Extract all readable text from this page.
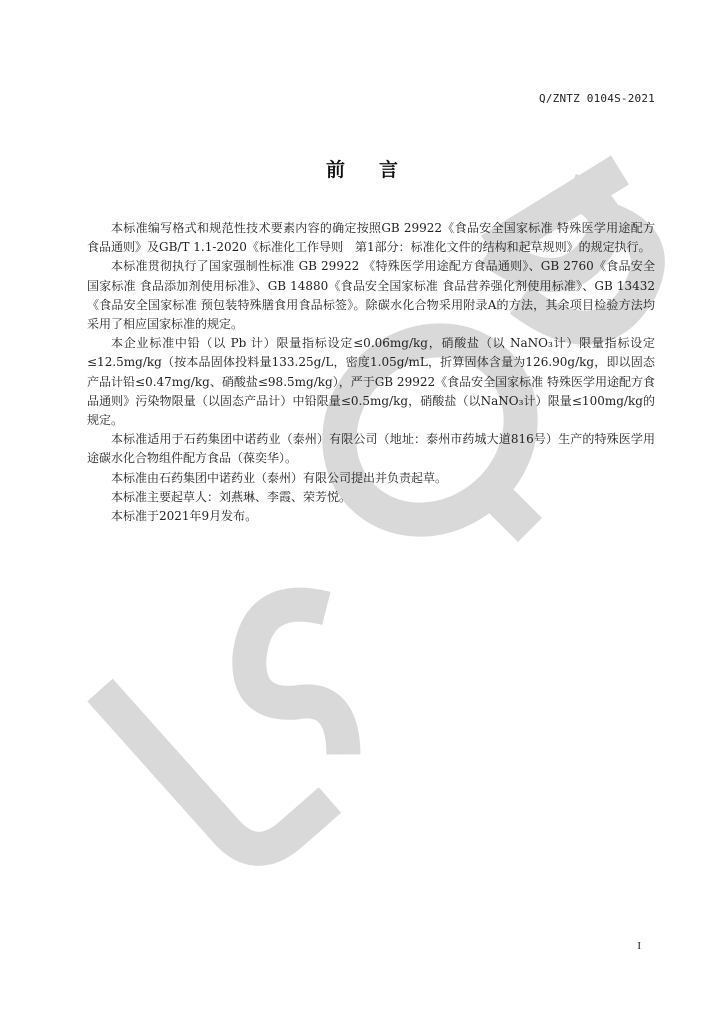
Q/ZNTZ 0104S-2021
前言

本标准编写格式和规范性技术要素内容的确定按照GB 29922《食品安全国家标准 特殊医学用途配方食品通则》及GB/T 1.1-2020《标准化工作导则　第1部分：标准化文件的结构和起草规则》的规定执行。

本标准贯彻执行了国家强制性标准 GB 29922 《特殊医学用途配方食品通则》、GB 2760《食品安全国家标准 食品添加剂使用标准》、GB 14880《食品安全国家标准 食品营养强化剂使用标准》、GB 13432《食品安全国家标准 预包装特殊膳食用食品标签》。除碳水化合物采用附录A的方法，其余项目检验方法均采用了相应国家标准的规定。

本企业标准中铅（以 Pb 计）限量指标设定≤0.06mg/kg，硝酸盐（以 NaNO₃计）限量指标设定≤12.5mg/kg（按本品固体投料量133.25g/L，密度1.05g/mL，折算固体含量为126.90g/kg，即以固态产品计铅≤0.47mg/kg、硝酸盐≤98.5mg/kg），严于GB 29922《食品安全国家标准 特殊医学用途配方食品通则》污染物限量（以固态产品计）中铅限量≤0.5mg/kg，硝酸盐（以NaNO₃计）限量≤100mg/kg的规定。

本标准适用于石药集团中诺药业（泰州）有限公司（地址：泰州市药城大道816号）生产的特殊医学用途碳水化合物组件配方食品（葆奕华）。

本标准由石药集团中诺药业（泰州）有限公司提出并负责起草。

本标准主要起草人：刘燕琳、李霞、荣芳悦。

本标准于2021年9月发布。

I
